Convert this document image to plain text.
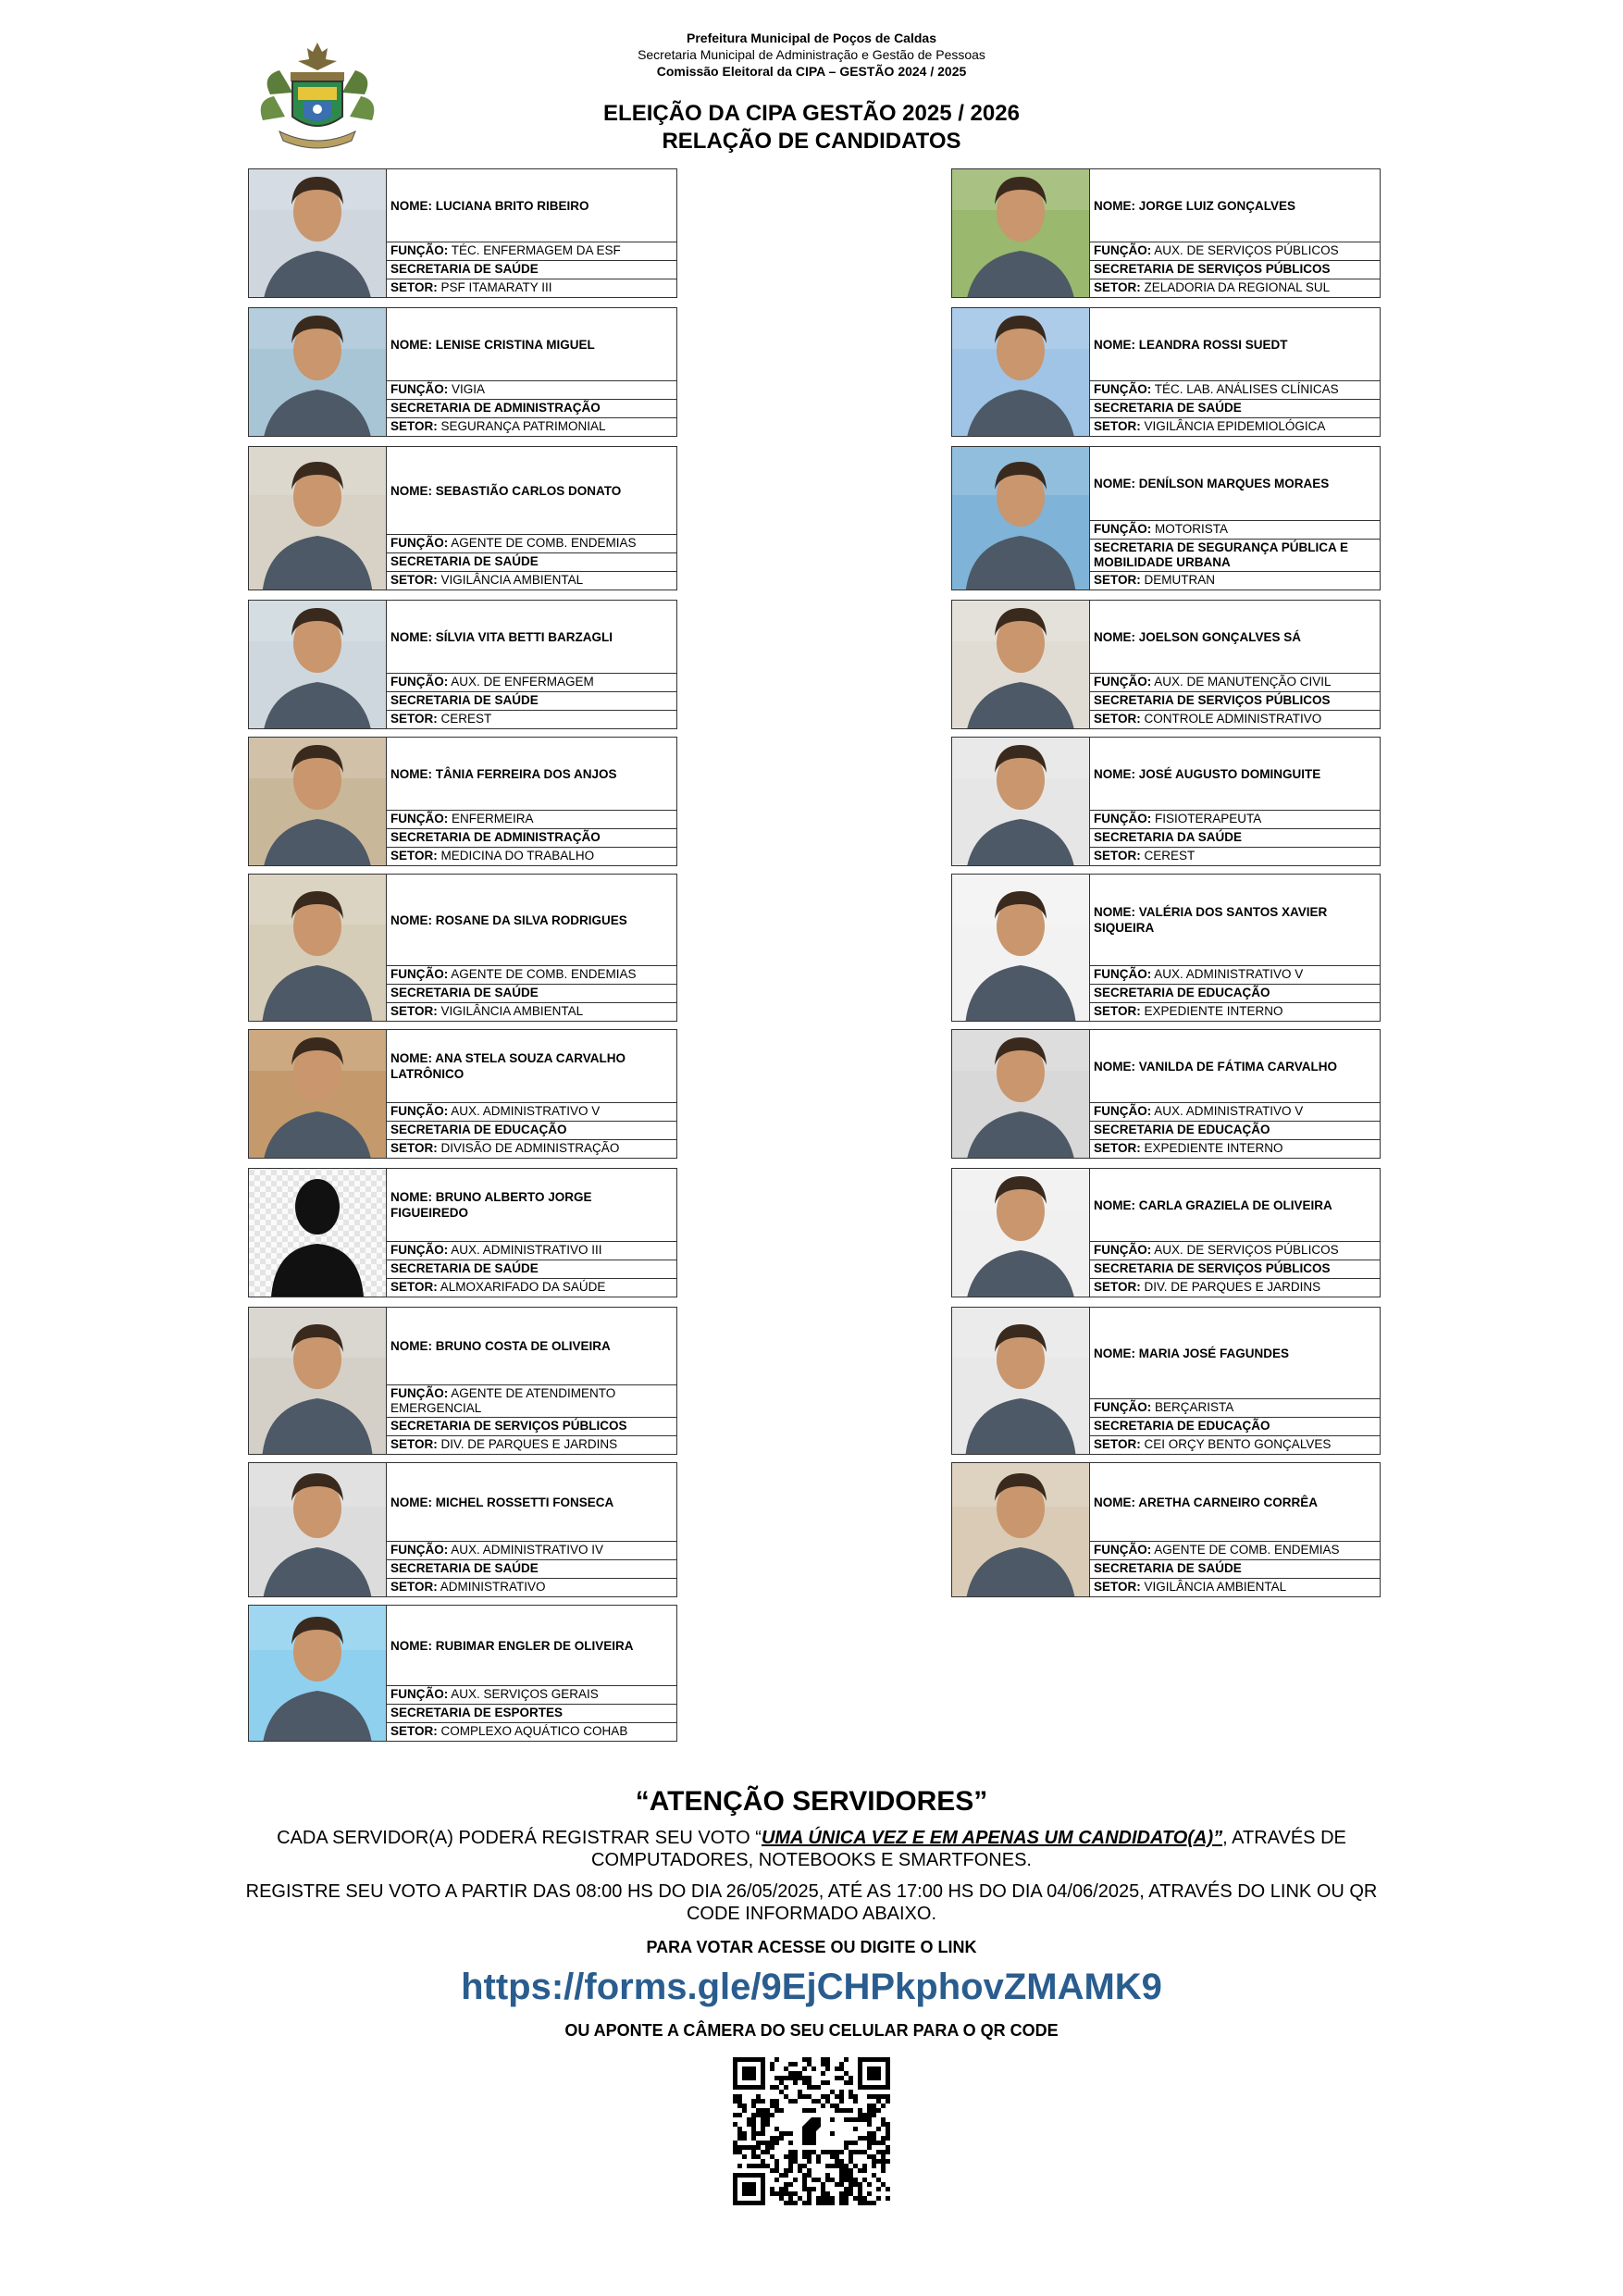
Prefeitura Municipal de Poços de Caldas
Secretaria Municipal de Administração e Gestão de Pessoas
Comissão Eleitoral da CIPA – GESTÃO 2024 / 2025
ELEIÇÃO DA CIPA GESTÃO 2025 / 2026
RELAÇÃO DE CANDIDATOS
NOME: LUCIANA BRITO RIBEIRO
FUNÇÃO: TÉC. ENFERMAGEM DA ESF
SECRETARIA DE SAÚDE
SETOR: PSF ITAMARATY III
NOME: LENISE CRISTINA MIGUEL
FUNÇÃO: VIGIA
SECRETARIA DE ADMINISTRAÇÃO
SETOR: SEGURANÇA PATRIMONIAL
NOME: SEBASTIÃO CARLOS DONATO
FUNÇÃO: AGENTE DE COMB. ENDEMIAS
SECRETARIA DE SAÚDE
SETOR: VIGILÂNCIA AMBIENTAL
NOME: SÍLVIA VITA BETTI BARZAGLI
FUNÇÃO: AUX. DE ENFERMAGEM
SECRETARIA DE SAÚDE
SETOR: CEREST
NOME: TÂNIA FERREIRA DOS ANJOS
FUNÇÃO: ENFERMEIRA
SECRETARIA DE ADMINISTRAÇÃO
SETOR: MEDICINA DO TRABALHO
NOME: ROSANE DA SILVA RODRIGUES
FUNÇÃO: AGENTE DE COMB. ENDEMIAS
SECRETARIA DE SAÚDE
SETOR: VIGILÂNCIA AMBIENTAL
NOME: ANA STELA SOUZA CARVALHO LATRÔNICO
FUNÇÃO: AUX. ADMINISTRATIVO V
SECRETARIA DE EDUCAÇÃO
SETOR: DIVISÃO DE ADMINISTRAÇÃO
NOME: BRUNO ALBERTO JORGE FIGUEIREDO
FUNÇÃO: AUX. ADMINISTRATIVO III
SECRETARIA DE SAÚDE
SETOR: ALMOXARIFADO DA SAÚDE
NOME: BRUNO COSTA DE OLIVEIRA
FUNÇÃO: AGENTE DE ATENDIMENTO EMERGENCIAL
SECRETARIA DE SERVIÇOS PÚBLICOS
SETOR: DIV. DE PARQUES E JARDINS
NOME: MICHEL ROSSETTI FONSECA
FUNÇÃO: AUX. ADMINISTRATIVO IV
SECRETARIA DE SAÚDE
SETOR: ADMINISTRATIVO
NOME: RUBIMAR ENGLER DE OLIVEIRA
FUNÇÃO: AUX. SERVIÇOS GERAIS
SECRETARIA DE ESPORTES
SETOR: COMPLEXO AQUÁTICO COHAB
NOME: JORGE LUIZ GONÇALVES
FUNÇÃO: AUX. DE SERVIÇOS PÚBLICOS
SECRETARIA DE SERVIÇOS PÚBLICOS
SETOR: ZELADORIA DA REGIONAL SUL
NOME: LEANDRA ROSSI SUEDT
FUNÇÃO: TÉC. LAB. ANÁLISES CLÍNICAS
SECRETARIA DE SAÚDE
SETOR: VIGILÂNCIA EPIDEMIOLÓGICA
NOME: DENÍLSON MARQUES MORAES
FUNÇÃO: MOTORISTA
SECRETARIA DE SEGURANÇA PÚBLICA E MOBILIDADE URBANA
SETOR: DEMUTRAN
NOME: JOELSON GONÇALVES SÁ
FUNÇÃO: AUX. DE MANUTENÇÃO CIVIL
SECRETARIA DE SERVIÇOS PÚBLICOS
SETOR: CONTROLE ADMINISTRATIVO
NOME: JOSÉ AUGUSTO DOMINGUITE
FUNÇÃO: FISIOTERAPEUTA
SECRETARIA DA SAÚDE
SETOR: CEREST
NOME: VALÉRIA DOS SANTOS XAVIER SIQUEIRA
FUNÇÃO: AUX. ADMINISTRATIVO V
SECRETARIA DE EDUCAÇÃO
SETOR: EXPEDIENTE INTERNO
NOME: VANILDA DE FÁTIMA CARVALHO
FUNÇÃO: AUX. ADMINISTRATIVO V
SECRETARIA DE EDUCAÇÃO
SETOR: EXPEDIENTE INTERNO
NOME: CARLA GRAZIELA DE OLIVEIRA
FUNÇÃO: AUX. DE SERVIÇOS PÚBLICOS
SECRETARIA DE SERVIÇOS PÚBLICOS
SETOR: DIV. DE PARQUES E JARDINS
NOME: MARIA JOSÉ FAGUNDES
FUNÇÃO: BERÇARISTA
SECRETARIA DE EDUCAÇÃO
SETOR: CEI ORÇY BENTO GONÇALVES
NOME: ARETHA CARNEIRO CORRÊA
FUNÇÃO: AGENTE DE COMB. ENDEMIAS
SECRETARIA DE SAÚDE
SETOR: VIGILÂNCIA AMBIENTAL
“ATENÇÃO SERVIDORES”
CADA SERVIDOR(A) PODERÁ REGISTRAR SEU VOTO “UMA ÚNICA VEZ E EM APENAS UM CANDIDATO(A)”, ATRAVÉS DE COMPUTADORES, NOTEBOOKS E SMARTFONES.
REGISTRE SEU VOTO A PARTIR DAS 08:00 HS DO DIA 26/05/2025, ATÉ AS 17:00 HS DO DIA 04/06/2025, ATRAVÉS DO LINK OU QR CODE INFORMADO ABAIXO.
PARA VOTAR ACESSE OU DIGITE O LINK
https://forms.gle/9EjCHPkphovZMAMK9
OU APONTE A CÂMERA DO SEU CELULAR PARA O QR CODE
